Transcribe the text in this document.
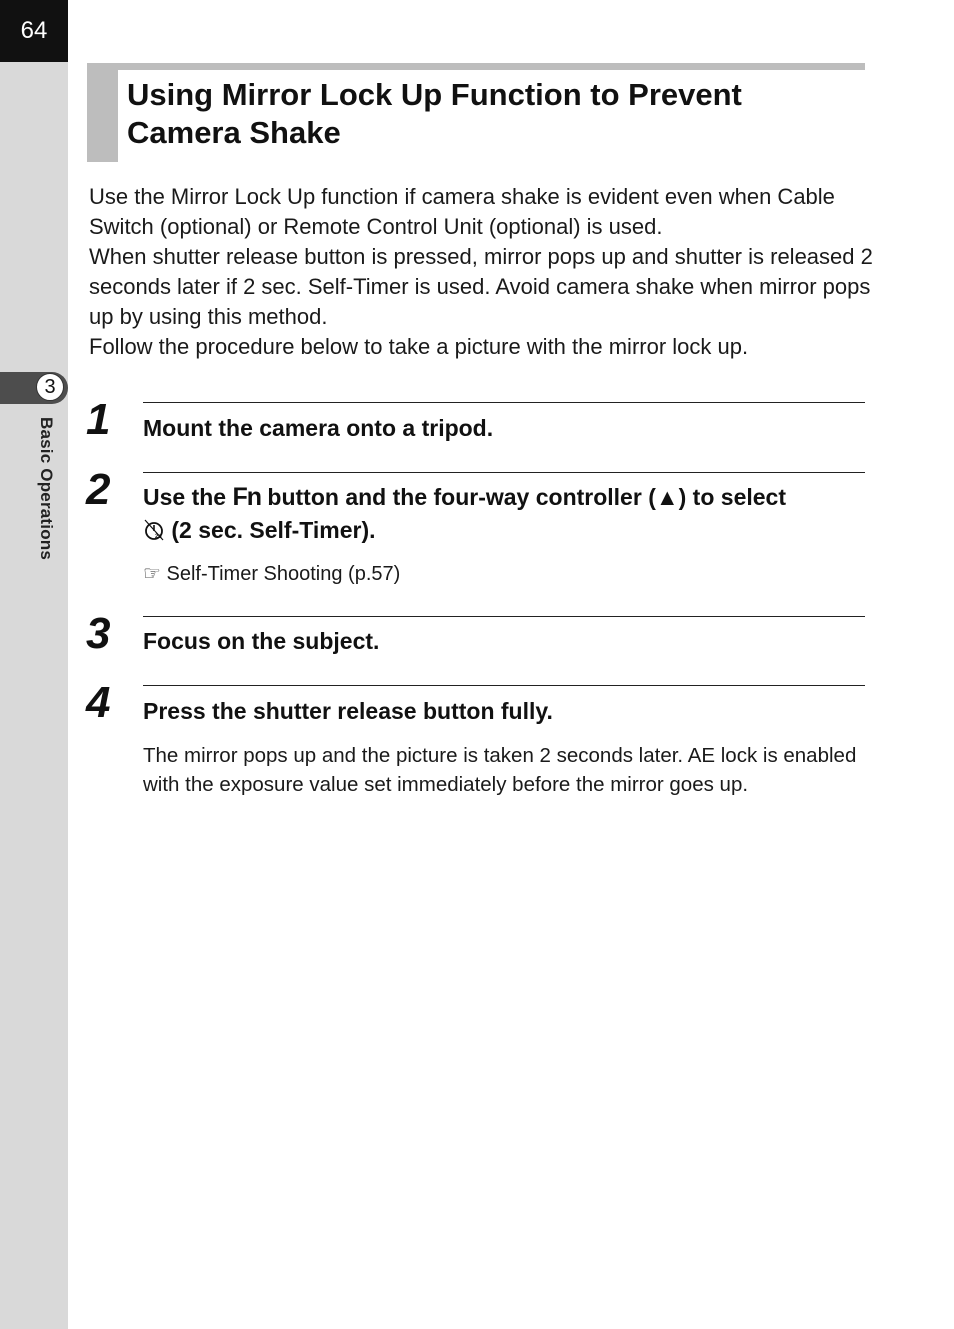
64
3
Basic Operations
Using Mirror Lock Up Function to Prevent
Camera Shake

Use the Mirror Lock Up function if camera shake is evident even when Cable Switch (optional) or Remote Control Unit (optional) is used.

When shutter release button is pressed, mirror pops up and shutter is released 2 seconds later if 2 sec. Self-Timer is used. Avoid camera shake when mirror pops up by using this method.

Follow the procedure below to take a picture with the mirror lock up.

1	Mount the camera onto a tripod.
2	Use the Fn button and the four-way controller (▲) to select
2s (2 sec. Self-Timer).
☞ Self-Timer Shooting (p.57)
3	Focus on the subject.
4	Press the shutter release button fully.
The mirror pops up and the picture is taken 2 seconds later. AE lock is enabled with the exposure value set immediately before the mirror goes up.
